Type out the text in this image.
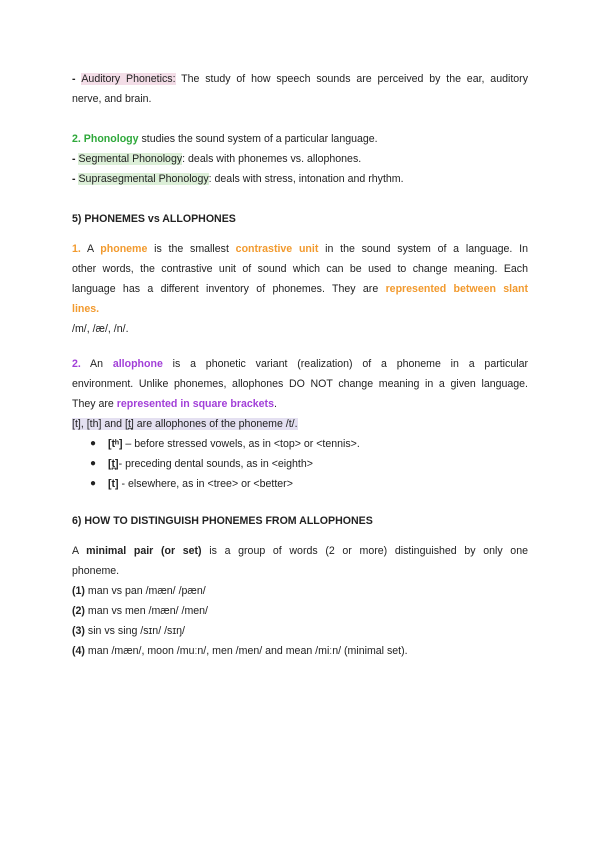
- Auditory Phonetics: The study of how speech sounds are perceived by the ear, auditory
nerve, and brain.
2. Phonology studies the sound system of a particular language.
- Segmental Phonology: deals with phonemes vs. allophones.
- Suprasegmental Phonology: deals with stress, intonation and rhythm.
5) PHONEMES vs ALLOPHONES
1. A phoneme is the smallest contrastive unit in the sound system of a language. In
other words, the contrastive unit of sound which can be used to change meaning. Each
language has a different inventory of phonemes. They are represented between slant
lines.
/m/, /æ/, /n/.
2. An allophone is a phonetic variant (realization) of a phoneme in a particular
environment. Unlike phonemes, allophones DO NOT change meaning in a given language.
They are represented in square brackets.
[t], [th] and [t̪] are allophones of the phoneme /t/.
● [tʰ] – before stressed vowels, as in <top> or <tennis>.
● [t̪]- preceding dental sounds, as in <eighth>
● [t] - elsewhere, as in <tree> or <better>
6) HOW TO DISTINGUISH PHONEMES FROM ALLOPHONES
A minimal pair (or set) is a group of words (2 or more) distinguished by only one
phoneme.
(1) man vs pan /mæn/ /pæn/
(2) man vs men /mæn/ /men/
(3) sin vs sing /sɪn/ /sɪŋ/
(4) man /mæn/, moon /muːn/, men /men/ and mean /miːn/ (minimal set).
